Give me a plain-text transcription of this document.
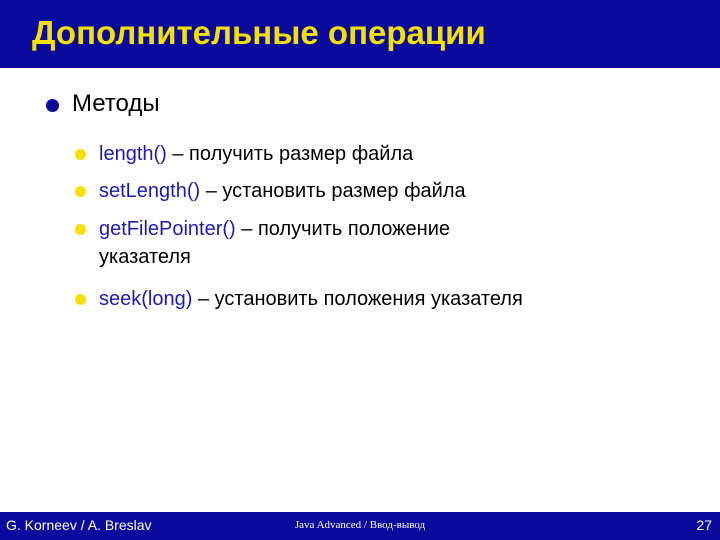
Дополнительные операции
Методы
length() – получить размер файла
setLength() – установить размер файла
getFilePointer() – получить положение
указателя
seek(long) – установить положения указателя
G. Korneev / A. Breslav	Java Advanced / Ввод-вывод	27
